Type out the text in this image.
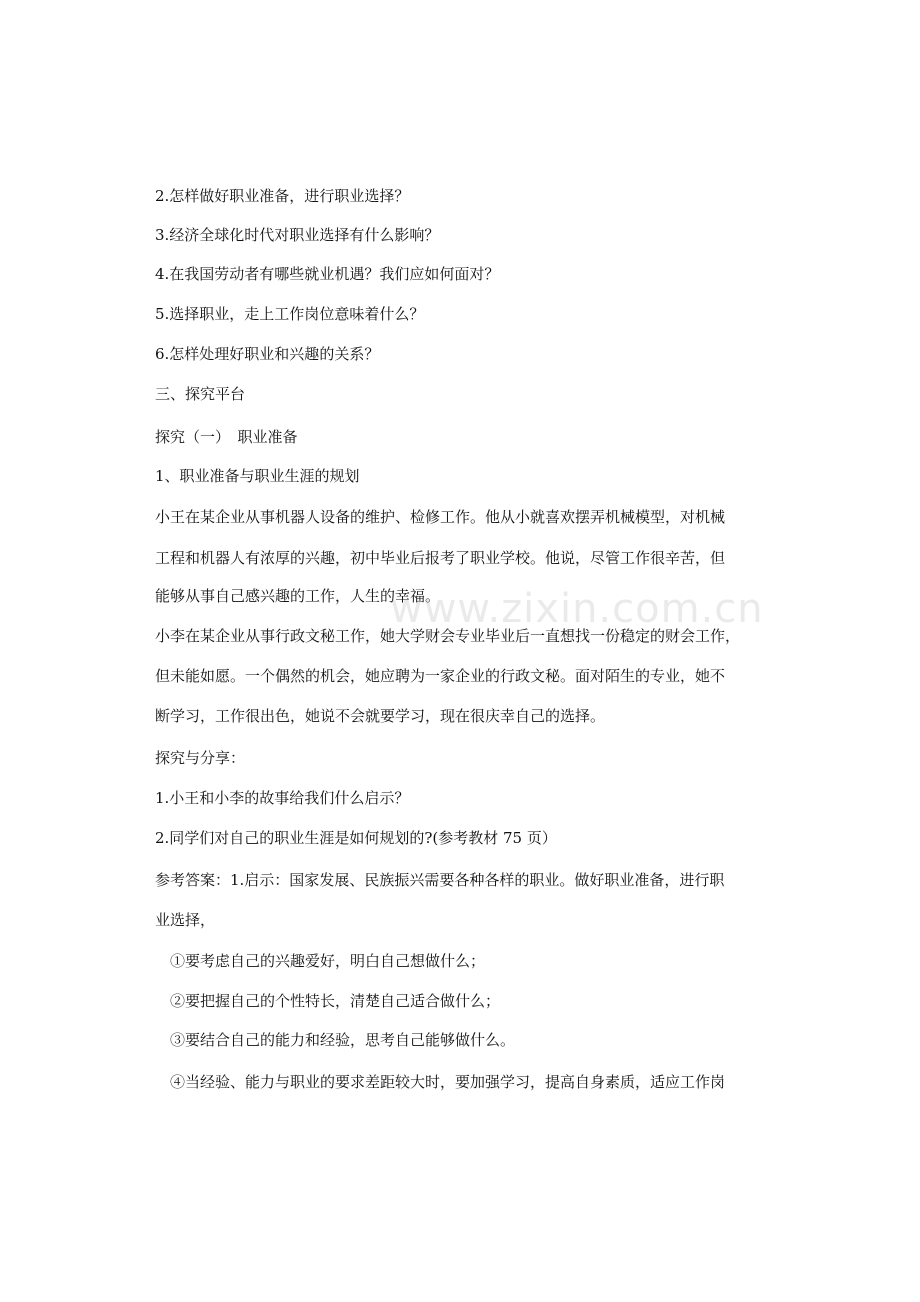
2.怎样做好职业准备，进行职业选择？
3.经济全球化时代对职业选择有什么影响？
4.在我国劳动者有哪些就业机遇？我们应如何面对？
5.选择职业，走上工作岗位意味着什么？
6.怎样处理好职业和兴趣的关系？
三、探究平台
探究（一）　职业准备
1、职业准备与职业生涯的规划
小王在某企业从事机器人设备的维护、检修工作。他从小就喜欢摆弄机械模型，对机械
工程和机器人有浓厚的兴趣，初中毕业后报考了职业学校。他说，尽管工作很辛苦，但
能够从事自己感兴趣的工作，人生的幸福。
小李在某企业从事行政文秘工作，她大学财会专业毕业后一直想找一份稳定的财会工作，
但未能如愿。一个偶然的机会，她应聘为一家企业的行政文秘。面对陌生的专业，她不
断学习，工作很出色，她说不会就要学习，现在很庆幸自己的选择。
探究与分享：
1.小王和小李的故事给我们什么启示？
2.同学们对自己的职业生涯是如何规划的?(参考教材 75 页）
参考答案：1.启示：国家发展、民族振兴需要各种各样的职业。做好职业准备，进行职
业选择，
①要考虑自己的兴趣爱好，明白自己想做什么；
②要把握自己的个性特长，清楚自己适合做什么；
③要结合自己的能力和经验，思考自己能够做什么。
④当经验、能力与职业的要求差距较大时，要加强学习，提高自身素质，适应工作岗
www.zixin.com.cn
